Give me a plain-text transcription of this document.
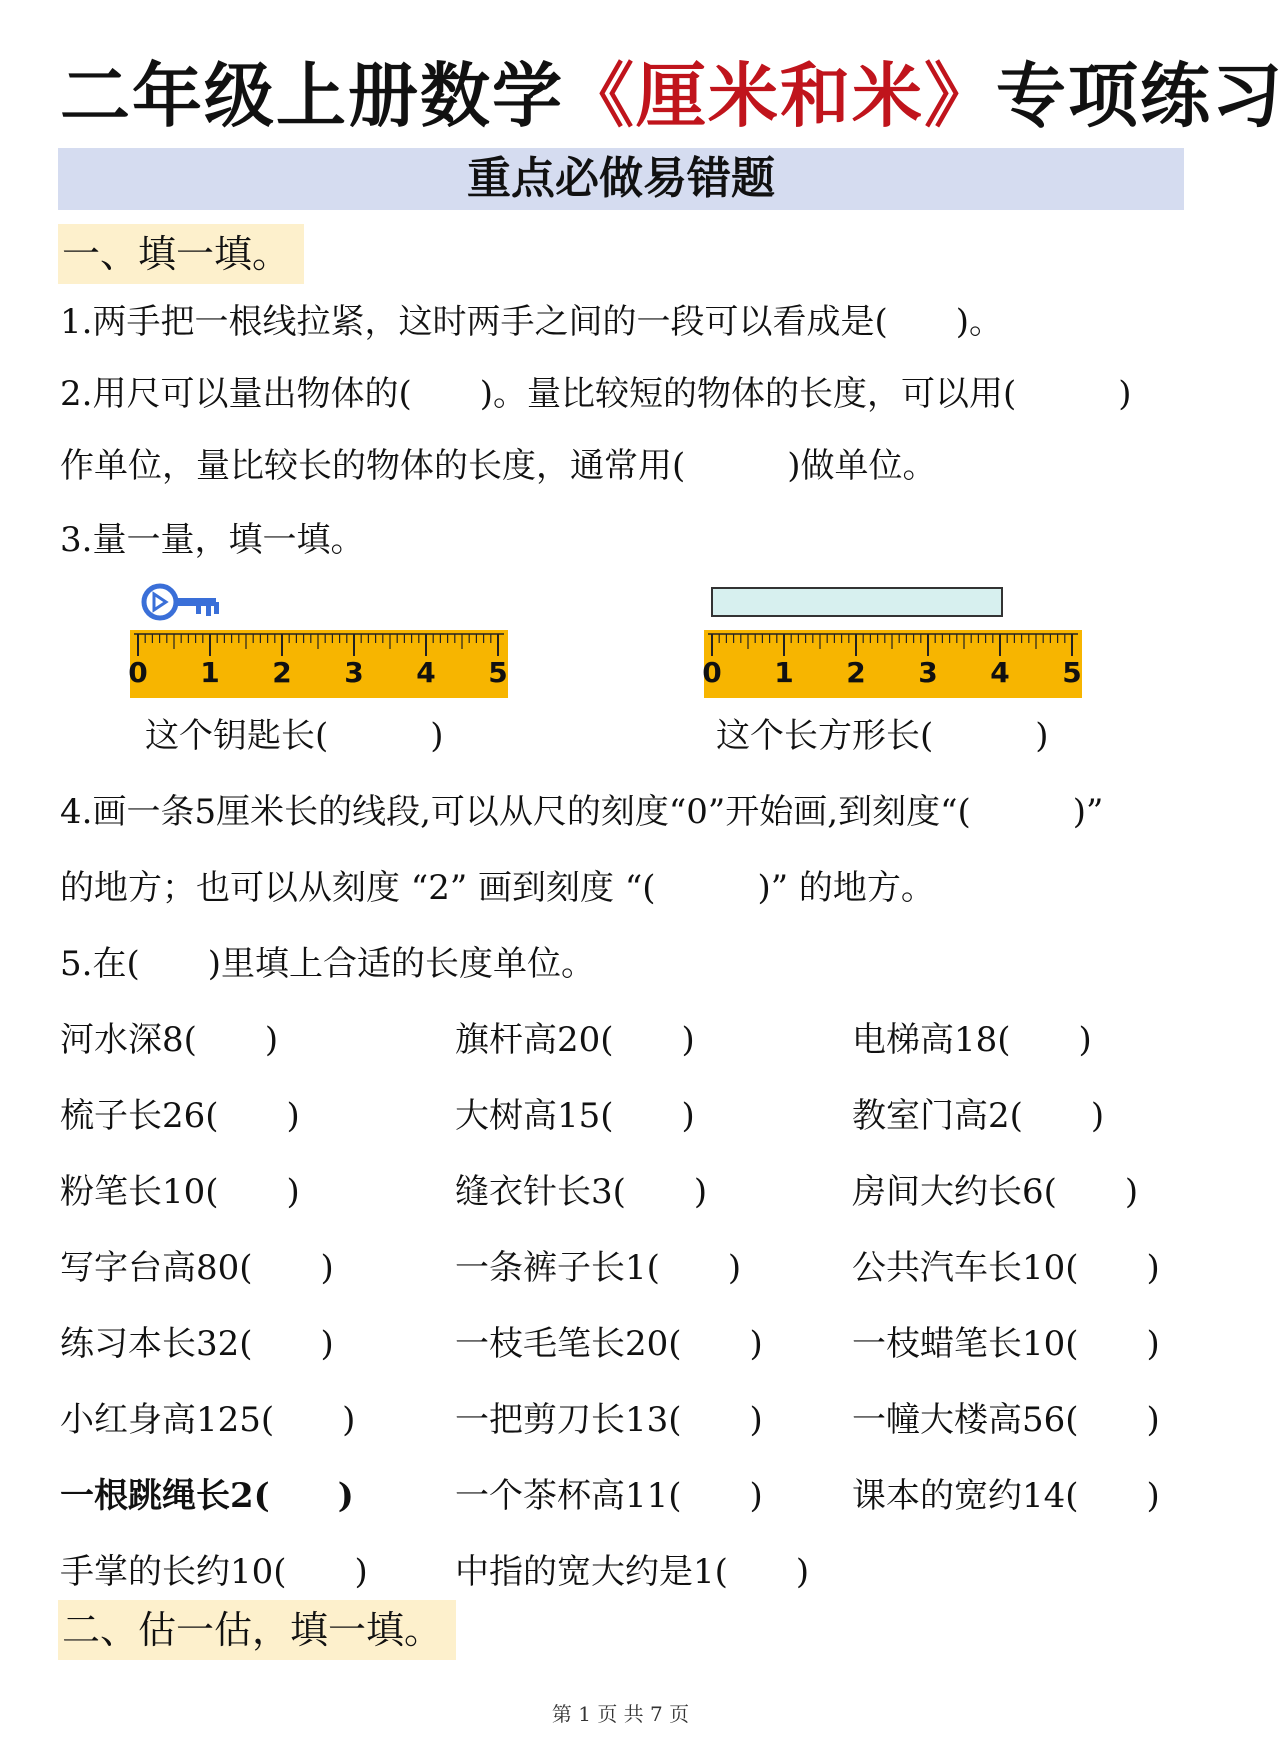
二年级上册数学《厘米和米》专项练习
重点必做易错题
一、填一填。
1.两手把一根线拉紧，这时两手之间的一段可以看成是(　　)。
2.用尺可以量出物体的(　　)。量比较短的物体的长度，可以用(　　　)
作单位，量比较长的物体的长度，通常用(　　　)做单位。
3.量一量，填一填。
0 1 2 3 4 5	0 1 2 3 4 5
这个钥匙长(　　　)	这个长方形长(　　　)
4.画一条5厘米长的线段,可以从尺的刻度“0”开始画,到刻度“(　　　)”
的地方；也可以从刻度 “2” 画到刻度 “(　　　)” 的地方。
5.在(　　)里填上合适的长度单位。
河水深8(　　)	旗杆高20(　　)	电梯高18(　　)
梳子长26(　　)	大树高15(　　)	教室门高2(　　)
粉笔长10(　　)	缝衣针长3(　　)	房间大约长6(　　)
写字台高80(　　)	一条裤子长1(　　)	公共汽车长10(　　)
练习本长32(　　)	一枝毛笔长20(　　)	一枝蜡笔长10(　　)
小红身高125(　　)	一把剪刀长13(　　)	一幢大楼高56(　　)
一根跳绳长2(　　)	一个茶杯高11(　　)	课本的宽约14(　　)
手掌的长约10(　　)	中指的宽大约是1(　　)
二、估一估，填一填。
第 1 页 共 7 页
